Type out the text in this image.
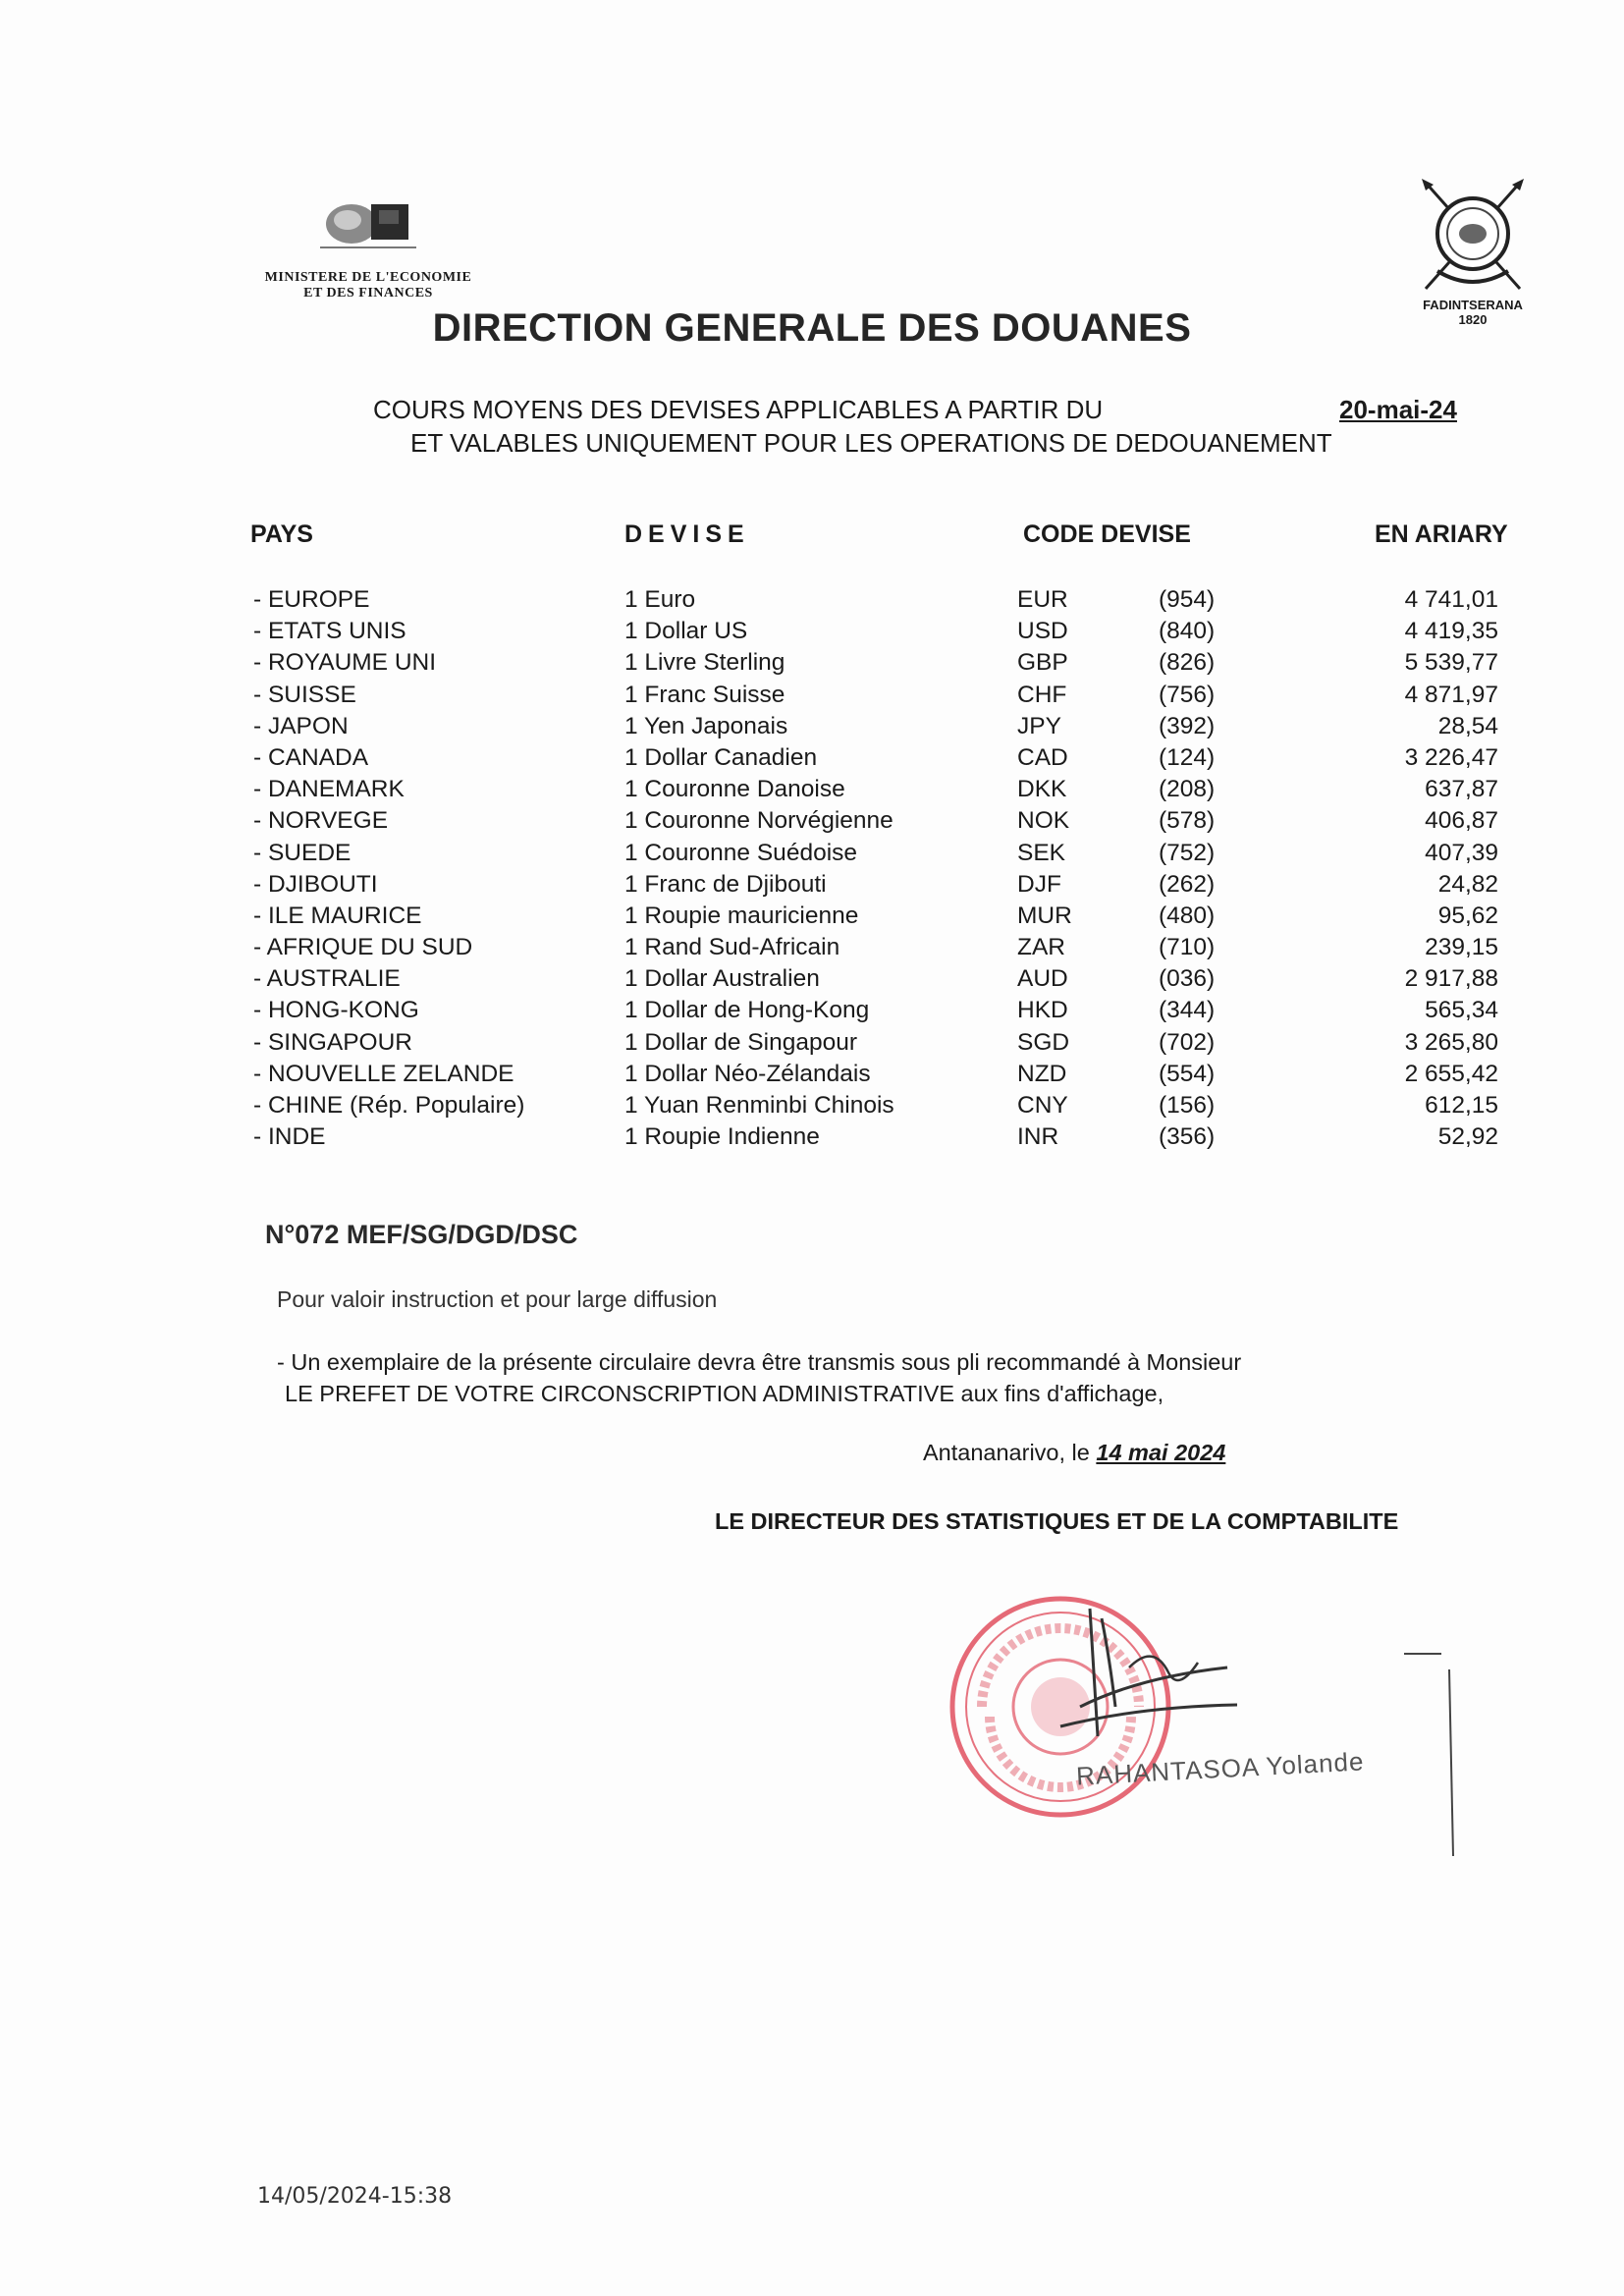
MINISTERE DE L'ECONOMIE
ET DES FINANCES
FADINTSERANA
1820
DIRECTION GENERALE DES DOUANES
COURS MOYENS DES DEVISES APPLICABLES A PARTIR DU	20-mai-24
ET VALABLES UNIQUEMENT POUR LES OPERATIONS DE DEDOUANEMENT
PAYS	DEVISE	CODE DEVISE	EN ARIARY
- EUROPE	1 Euro	EUR	(954)	4 741,01
- ETATS UNIS	1 Dollar US	USD	(840)	4 419,35
- ROYAUME UNI	1 Livre Sterling	GBP	(826)	5 539,77
- SUISSE	1 Franc Suisse	CHF	(756)	4 871,97
- JAPON	1 Yen Japonais	JPY	(392)	28,54
- CANADA	1 Dollar Canadien	CAD	(124)	3 226,47
- DANEMARK	1 Couronne Danoise	DKK	(208)	637,87
- NORVEGE	1 Couronne Norvégienne	NOK	(578)	406,87
- SUEDE	1 Couronne Suédoise	SEK	(752)	407,39
- DJIBOUTI	1 Franc de Djibouti	DJF	(262)	24,82
- ILE MAURICE	1 Roupie mauricienne	MUR	(480)	95,62
- AFRIQUE DU SUD	1 Rand Sud-Africain	ZAR	(710)	239,15
- AUSTRALIE	1 Dollar Australien	AUD	(036)	2 917,88
- HONG-KONG	1 Dollar de Hong-Kong	HKD	(344)	565,34
- SINGAPOUR	1 Dollar de Singapour	SGD	(702)	3 265,80
- NOUVELLE ZELANDE	1 Dollar Néo-Zélandais	NZD	(554)	2 655,42
- CHINE (Rép. Populaire)	1 Yuan Renminbi Chinois	CNY	(156)	612,15
- INDE	1 Roupie Indienne	INR	(356)	52,92
N°072 MEF/SG/DGD/DSC
Pour valoir instruction et pour large diffusion
- Un exemplaire de la présente circulaire devra être transmis sous pli recommandé à Monsieur
LE PREFET DE VOTRE CIRCONSCRIPTION ADMINISTRATIVE aux fins d'affichage,
Antananarivo, le 14 mai 2024
LE DIRECTEUR DES STATISTIQUES ET DE LA COMPTABILITE
RAHANTASOA Yolande
14/05/2024-15:38
